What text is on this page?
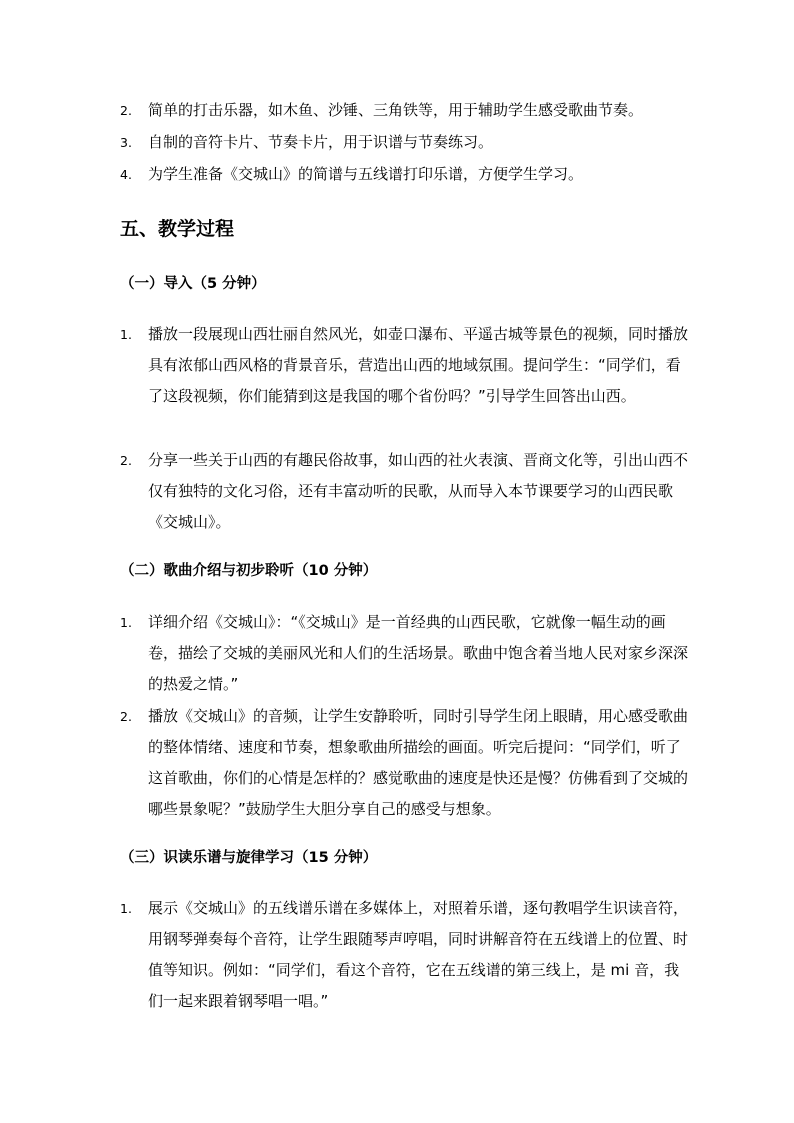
2. 简单的打击乐器，如木鱼、沙锤、三角铁等，用于辅助学生感受歌曲节奏。
3. 自制的音符卡片、节奏卡片，用于识谱与节奏练习。
4. 为学生准备《交城山》的简谱与五线谱打印乐谱，方便学生学习。
五、教学过程
（一）导入（5 分钟）
1. 播放一段展现山西壮丽自然风光，如壶口瀑布、平遥古城等景色的视频，同时播放具有浓郁山西风格的背景音乐，营造出山西的地域氛围。提问学生：“同学们，看了这段视频，你们能猜到这是我国的哪个省份吗？”引导学生回答出山西。
2. 分享一些关于山西的有趣民俗故事，如山西的社火表演、晋商文化等，引出山西不仅有独特的文化习俗，还有丰富动听的民歌，从而导入本节课要学习的山西民歌《交城山》。
（二）歌曲介绍与初步聆听（10 分钟）
1. 详细介绍《交城山》：“《交城山》是一首经典的山西民歌，它就像一幅生动的画卷，描绘了交城的美丽风光和人们的生活场景。歌曲中饱含着当地人民对家乡深深的热爱之情。”
2. 播放《交城山》的音频，让学生安静聆听，同时引导学生闭上眼睛，用心感受歌曲的整体情绪、速度和节奏，想象歌曲所描绘的画面。听完后提问：“同学们，听了这首歌曲，你们的心情是怎样的？感觉歌曲的速度是快还是慢？仿佛看到了交城的哪些景象呢？”鼓励学生大胆分享自己的感受与想象。
（三）识读乐谱与旋律学习（15 分钟）
1. 展示《交城山》的五线谱乐谱在多媒体上，对照着乐谱，逐句教唱学生识读音符，用钢琴弹奏每个音符，让学生跟随琴声哼唱，同时讲解音符在五线谱上的位置、时值等知识。例如：“同学们，看这个音符，它在五线谱的第三线上，是 mi 音，我们一起来跟着钢琴唱一唱。”
